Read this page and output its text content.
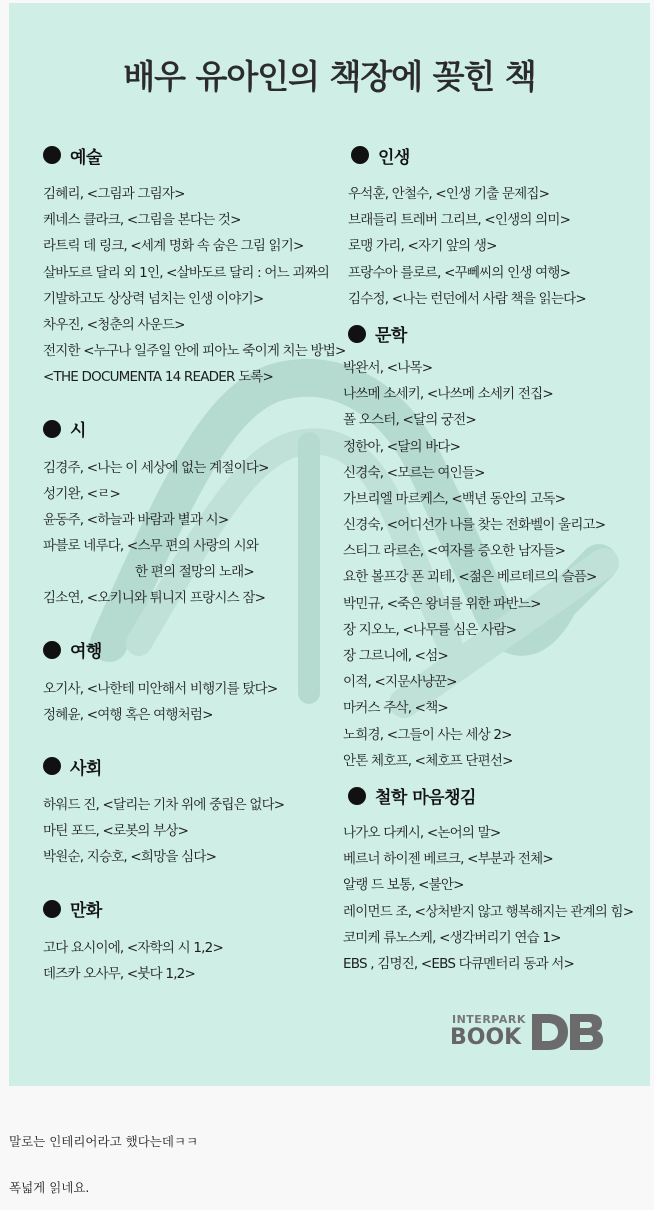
배우 유아인의 책장에 꽂힌 책
예술
김혜리, <그림과 그림자>
케네스 클라크, <그림을 본다는 것>
라트릭 데 링크, <세계 명화 속 숨은 그림 읽기>
살바도르 달리 외 1인, <살바도르 달리 : 어느 괴짜의
기발하고도 상상력 넘치는 인생 이야기>
차우진, <청춘의 사운드>
전지한 <누구나 일주일 안에 피아노 죽이게 치는 방법>
<THE DOCUMENTA 14 READER 도록>
시
김경주, <나는 이 세상에 없는 계절이다>
성기완, <ㄹ>
윤동주, <하늘과 바람과 별과 시>
파블로 네루다, <스무 편의 사랑의 시와
한 편의 절망의 노래>
김소연, <오키니와 튀니지 프랑시스 잠>
여행
오기사, <나한테 미안해서 비행기를 탔다>
정혜윤, <여행 혹은 여행처럼>
사회
하워드 진, <달리는 기차 위에 중립은 없다>
마틴 포드, <로봇의 부상>
박원순, 지승호, <희망을 심다>
만화
고다 요시이에, <자학의 시 1,2>
데즈카 오사무, <붓다 1,2>
인생
우석훈, 안철수, <인생 기출 문제집>
브래들리 트레버 그리브, <인생의 의미>
로맹 가리, <자기 앞의 생>
프랑수아 를로르, <꾸뻬씨의 인생 여행>
김수정, <나는 런던에서 사람 책을 읽는다>
문학
박완서, <나목>
나쓰메 소세키, <나쓰메 소세키 전집>
폴 오스터, <달의 궁전>
정한아, <달의 바다>
신경숙, <모르는 여인들>
가브리엘 마르케스, <백년 동안의 고독>
신경숙, <어디선가 나를 찾는 전화벨이 울리고>
스티그 라르손, <여자를 증오한 남자들>
요한 볼프강 폰 괴테, <젊은 베르테르의 슬픔>
박민규, <죽은 왕녀를 위한 파반느>
장 지오노, <나무를 심은 사람>
장 그르니에, <섬>
이적, <지문사냥꾼>
마커스 주삭, <책>
노희경, <그들이 사는 세상 2>
안톤 체호프, <체호프 단편선>
철학 마음챙김
나가오 다케시, <논어의 말>
베르너 하이젠 베르크, <부분과 전체>
알랭 드 보통, <불안>
레이먼드 조, <상처받지 않고 행복해지는 관계의 힘>
코미케 류노스케, <생각버리기 연습 1>
EBS , 김명진, <EBS 다큐멘터리 동과 서>
INTERPARK
BOOK
말로는 인테리어라고 했다는데ㅋㅋ
폭넓게 읽네요.
